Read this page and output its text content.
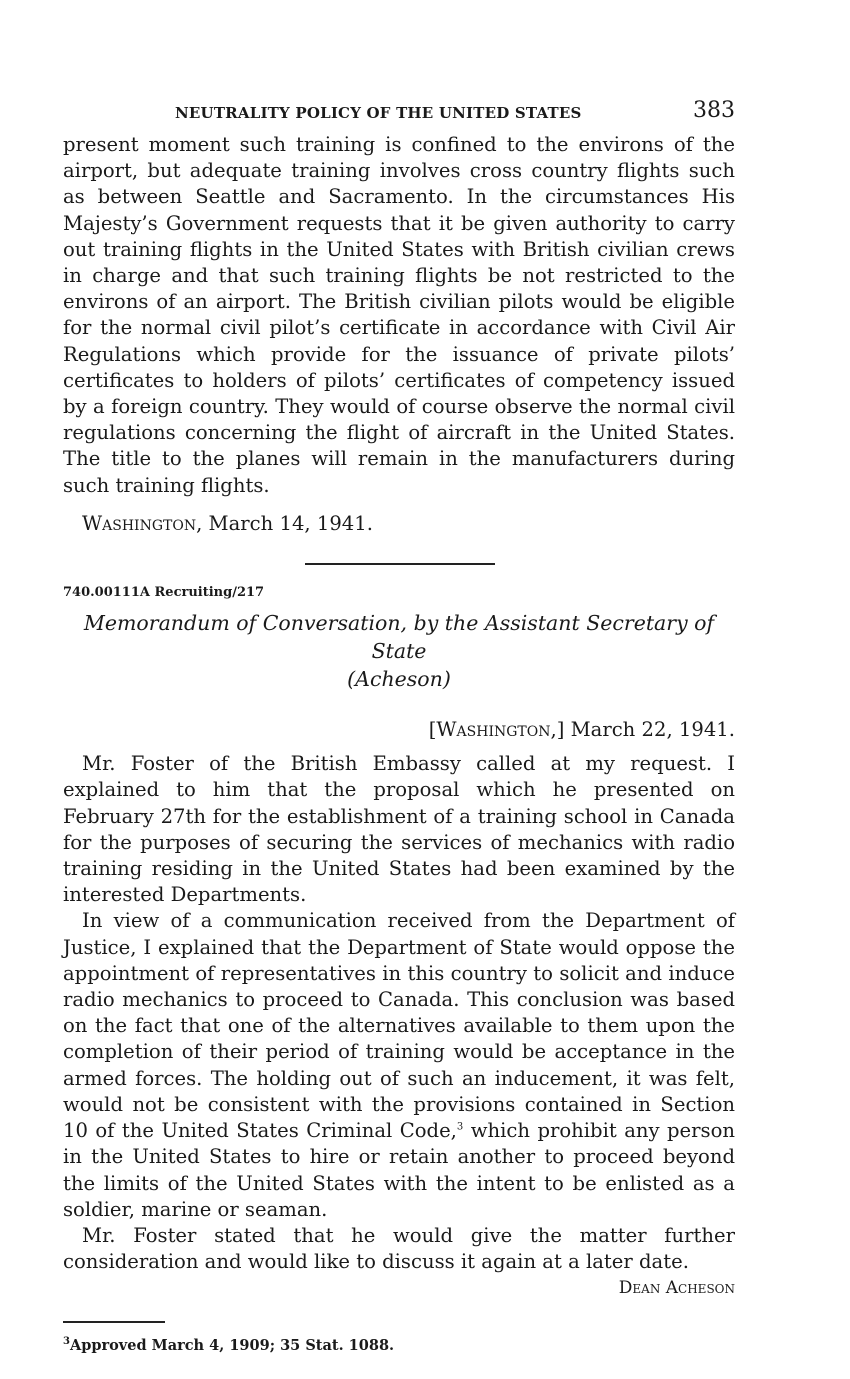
NEUTRALITY POLICY OF THE UNITED STATES	383

present moment such training is confined to the environs of the airport, but adequate training involves cross country flights such as between Seattle and Sacramento. In the circumstances His Majesty’s Government requests that it be given authority to carry out training flights in the United States with British civilian crews in charge and that such training flights be not restricted to the environs of an airport. The British civilian pilots would be eligible for the normal civil pilot’s certificate in accordance with Civil Air Regulations which provide for the issuance of private pilots’ certificates to holders of pilots’ certificates of competency issued by a foreign country. They would of course observe the normal civil regulations concerning the flight of aircraft in the United States. The title to the planes will remain in the manufacturers during such training flights.

Washington, March 14, 1941.
740.00111A Recruiting/217
Memorandum of Conversation, by the Assistant Secretary of State
(Acheson)
[Washington,] March 22, 1941.

Mr. Foster of the British Embassy called at my request. I explained to him that the proposal which he presented on February 27th for the establishment of a training school in Canada for the purposes of securing the services of mechanics with radio training residing in the United States had been examined by the interested Departments.

In view of a communication received from the Department of Justice, I explained that the Department of State would oppose the appointment of representatives in this country to solicit and induce radio mechanics to proceed to Canada. This conclusion was based on the fact that one of the alternatives available to them upon the completion of their period of training would be acceptance in the armed forces. The holding out of such an inducement, it was felt, would not be consistent with the provisions contained in Section 10 of the United States Criminal Code,$^3$ which prohibit any person in the United States to hire or retain another to proceed beyond the limits of the United States with the intent to be enlisted as a soldier, marine or seaman.

Mr. Foster stated that he would give the matter further consideration and would like to discuss it again at a later date.

Dean Acheson
$^3$Approved March 4, 1909; 35 Stat. 1088.
